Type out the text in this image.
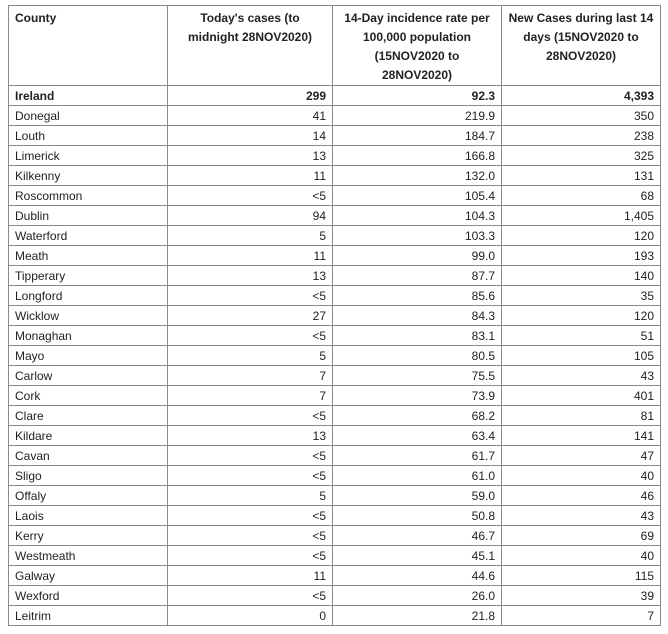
County	Today's cases (to midnight 28NOV2020)	14-Day incidence rate per 100,000 population (15NOV2020 to 28NOV2020)	New Cases during last 14 days (15NOV2020 to 28NOV2020)
Ireland	299	92.3	4,393
Donegal	41	219.9	350
Louth	14	184.7	238
Limerick	13	166.8	325
Kilkenny	11	132.0	131
Roscommon	<5	105.4	68
Dublin	94	104.3	1,405
Waterford	5	103.3	120
Meath	11	99.0	193
Tipperary	13	87.7	140
Longford	<5	85.6	35
Wicklow	27	84.3	120
Monaghan	<5	83.1	51
Mayo	5	80.5	105
Carlow	7	75.5	43
Cork	7	73.9	401
Clare	<5	68.2	81
Kildare	13	63.4	141
Cavan	<5	61.7	47
Sligo	<5	61.0	40
Offaly	5	59.0	46
Laois	<5	50.8	43
Kerry	<5	46.7	69
Westmeath	<5	45.1	40
Galway	11	44.6	115
Wexford	<5	26.0	39
Leitrim	0	21.8	7
